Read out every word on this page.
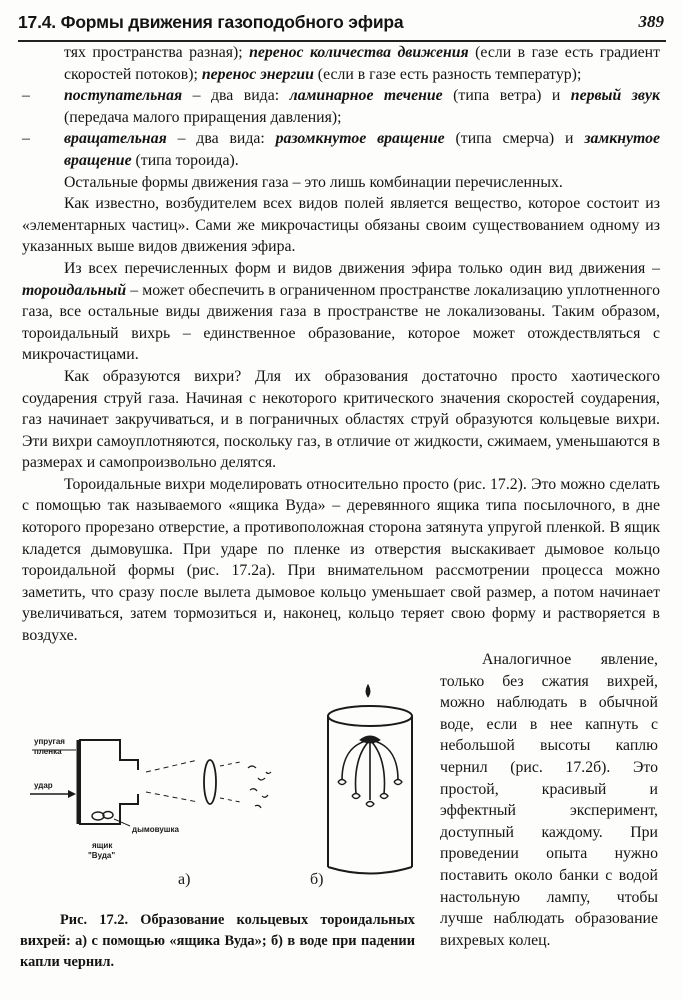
17.4. Формы движения газоподобного эфира	389

тях пространства разная); перенос количества движения (если в газе есть градиент скоростей потоков); перенос энергии (если в газе есть разность температур);

–	поступательная – два вида: ламинарное течение (типа ветра) и первый звук (передача малого приращения давления);

–	вращательная – два вида: разомкнутое вращение (типа смерча) и замкнутое вращение (типа тороида).

Остальные формы движения газа – это лишь комбинации перечисленных.

Как известно, возбудителем всех видов полей является вещество, которое состоит из «элементарных частиц». Сами же микрочастицы обязаны своим существованием одному из указанных выше видов движения эфира.

Из всех перечисленных форм и видов движения эфира только один вид движения – тороидальный – может обеспечить в ограниченном пространстве локализацию уплотненного газа, все остальные виды движения газа в пространстве не локализованы. Таким образом, тороидальный вихрь – единственное образование, которое может отождествляться с микрочастицами.

Как образуются вихри? Для их образования достаточно просто хаотического соударения струй газа. Начиная с некоторого критического значения скоростей соударения, газ начинает закручиваться, и в пограничных областях струй образуются кольцевые вихри. Эти вихри самоуплотняются, поскольку газ, в отличие от жидкости, сжимаем, уменьшаются в размерах и самопроизвольно делятся.

Тороидальные вихри моделировать относительно просто (рис. 17.2). Это можно сделать с помощью так называемого «ящика Вуда» – деревянного ящика типа посылочного, в дне которого прорезано отверстие, а противоположная сторона затянута упругой пленкой. В ящик кладется дымовушка. При ударе по пленке из отверстия выскакивает дымовое кольцо тороидальной формы (рис. 17.2а). При внимательном рассмотрении процесса можно заметить, что сразу после вылета дымовое кольцо уменьшает свой размер, а потом начинает увеличиваться, затем тормозиться и, наконец, кольцо теряет свою форму и растворяется в воздухе.

упругая
пленка
удар
дымовушка
ящик
"Вуда"
а)	б)

Рис. 17.2. Образование кольцевых тороидальных вихрей: а) с помощью «ящика Вуда»; б) в воде при падении капли чернил.

Аналогичное явление, только без сжатия вихрей, можно наблюдать в обычной воде, если в нее капнуть с небольшой высоты каплю чернил (рис. 17.2б). Это простой, красивый и эффектный эксперимент, доступный каждому. При проведении опыта нужно поставить около банки с водой настольную лампу, чтобы лучше наблюдать образование вихревых колец.
